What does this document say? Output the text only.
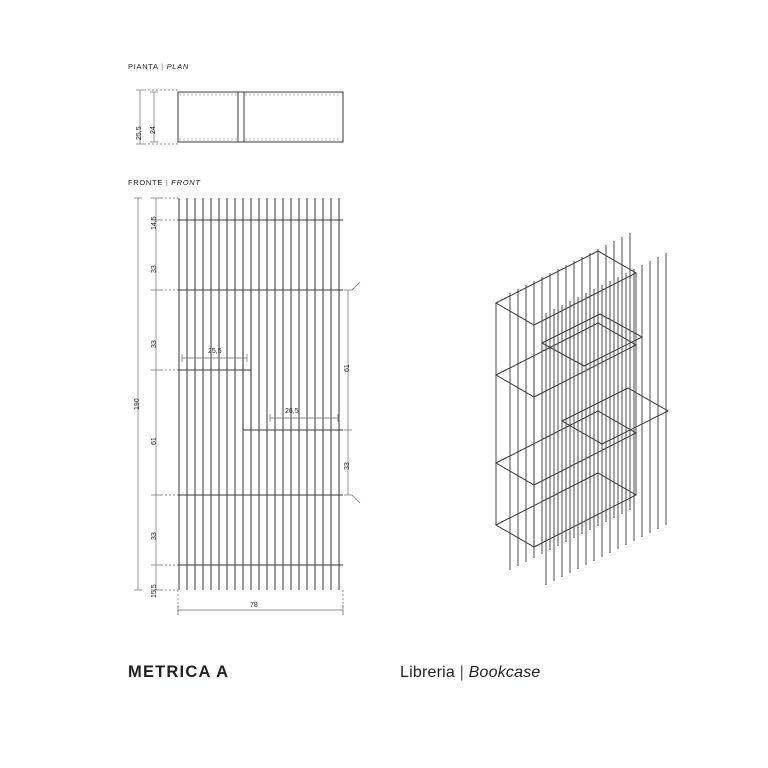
PIANTA | PLAN
25,5 24
FRONTE | FRONT
14,5
33
33
61
33
15,5
190
25,5
26,5
61
33
78
METRICA A	Libreria | Bookcase
